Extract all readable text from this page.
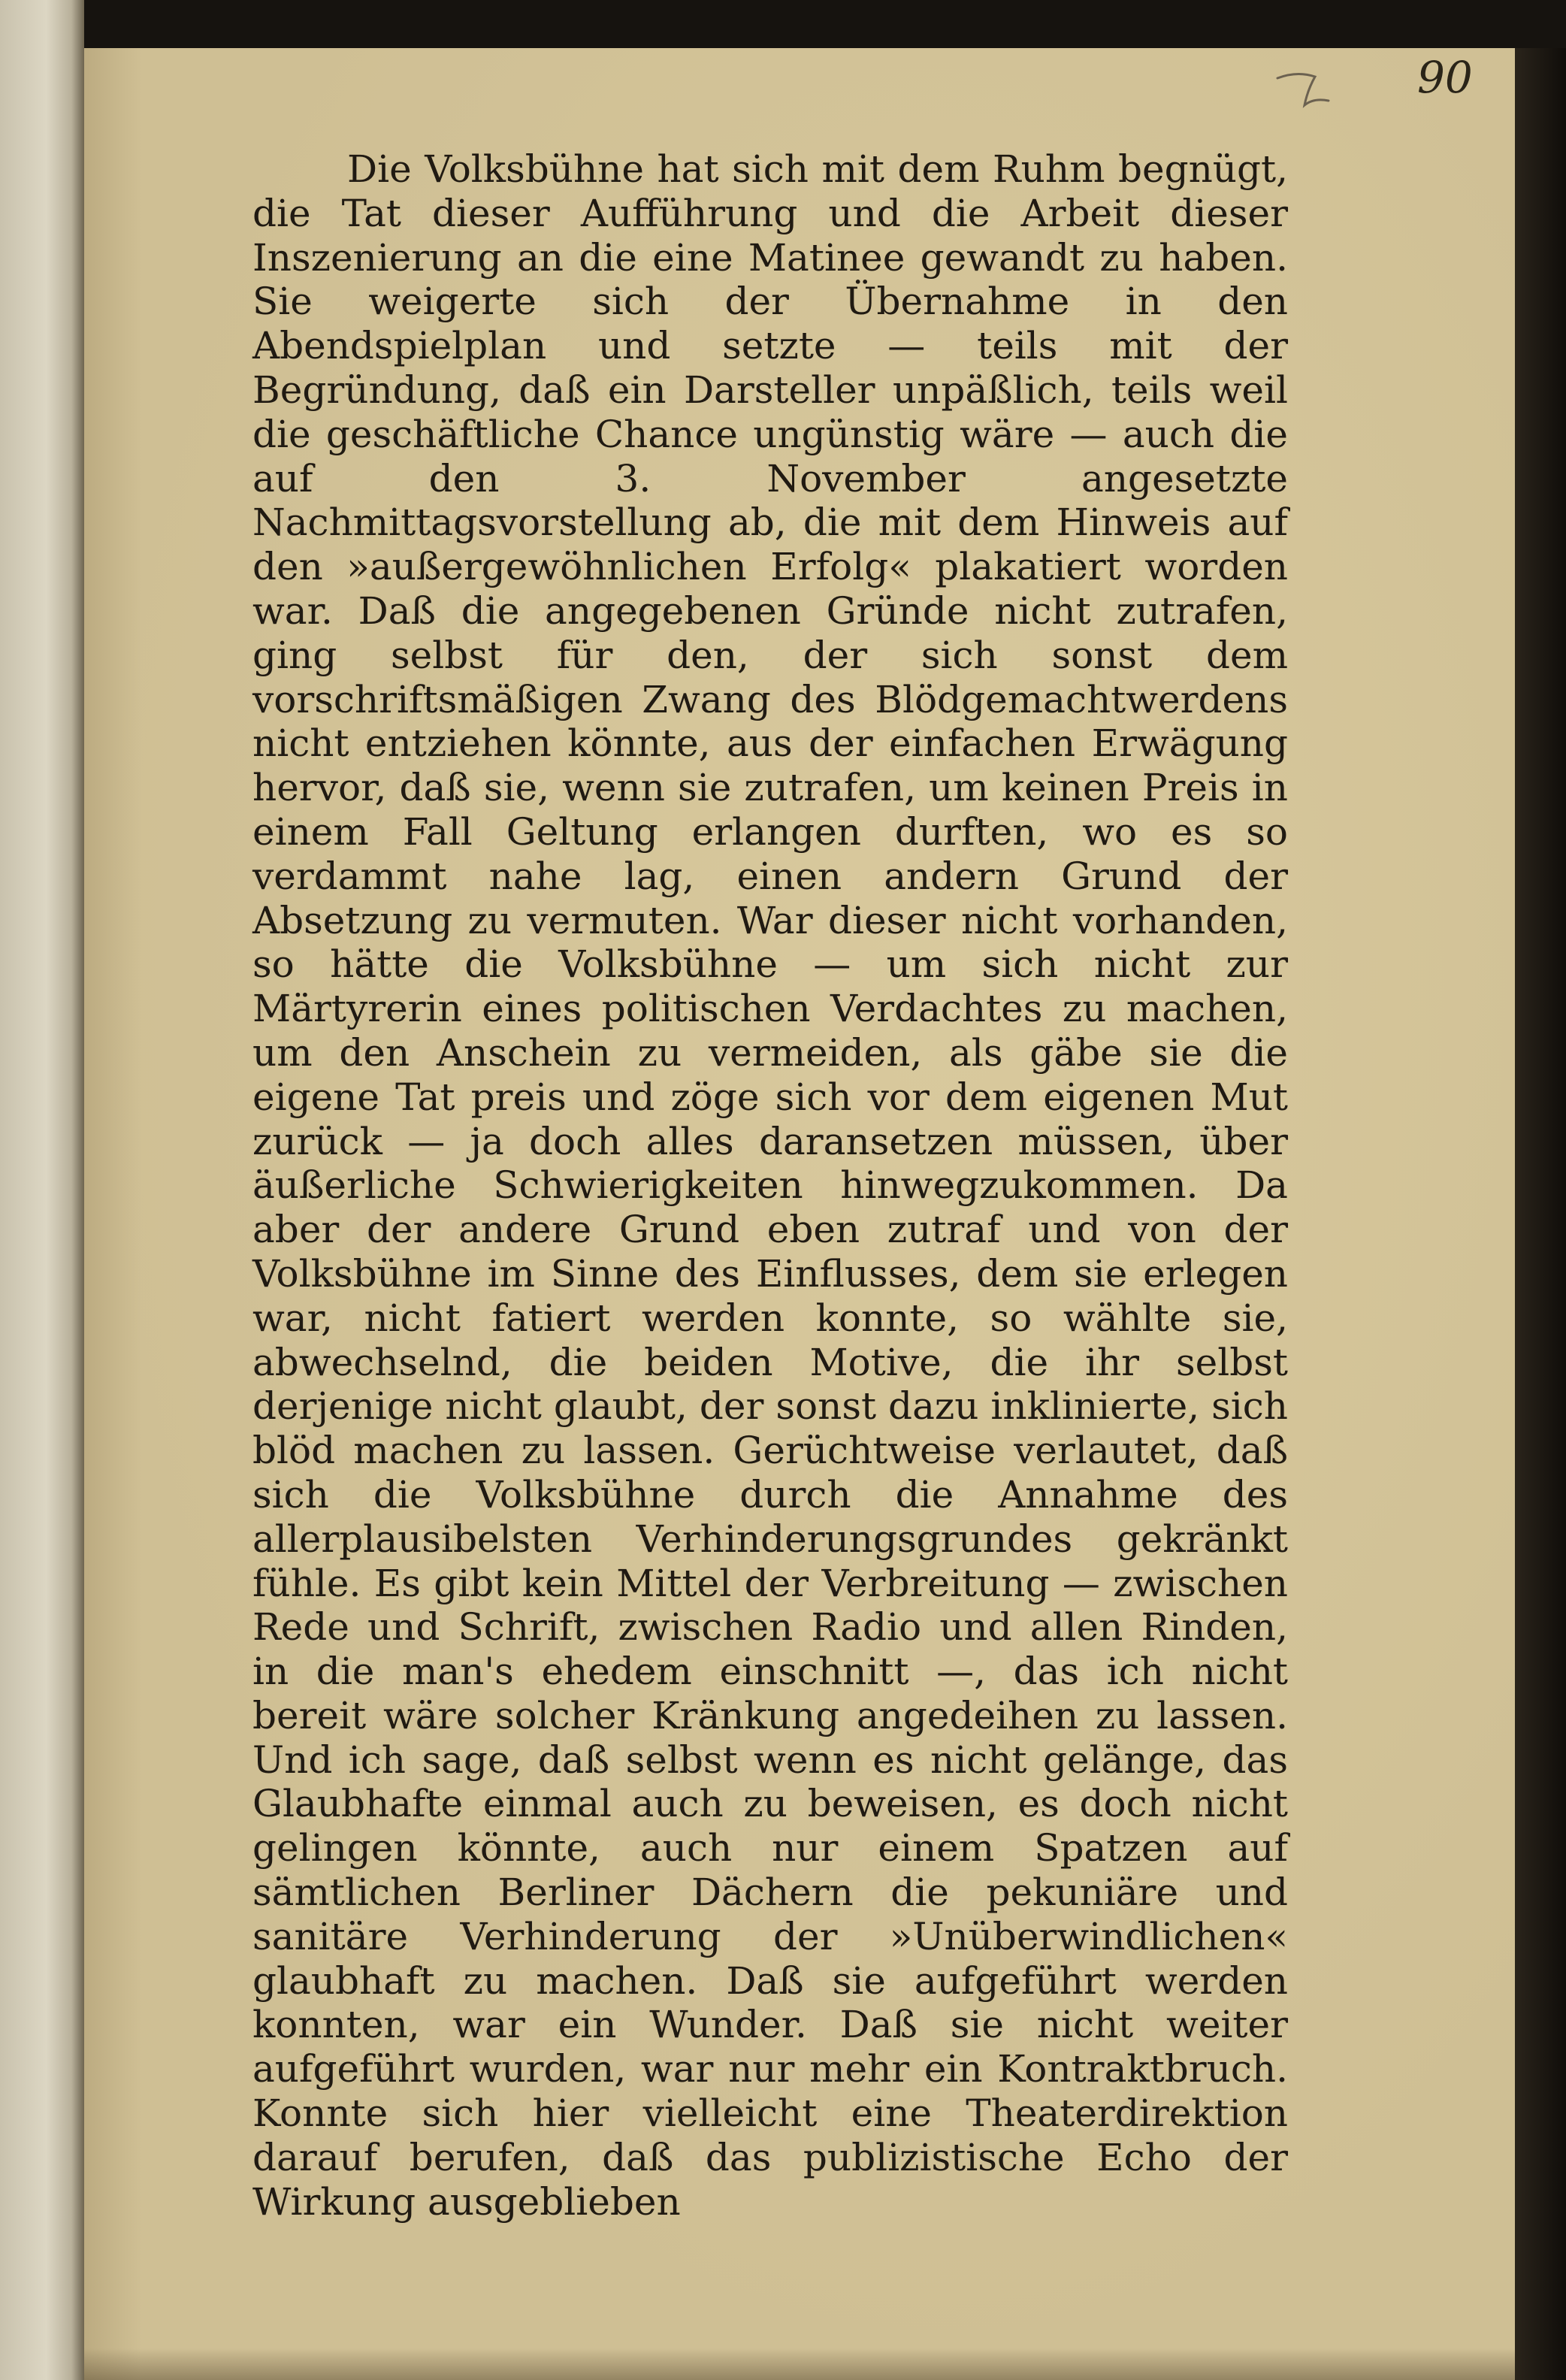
90

Die Volksbühne hat sich mit dem Ruhm begnügt, die Tat dieser Aufführung und die Arbeit dieser Inszenierung an die eine Matinee gewandt zu haben. Sie weigerte sich der Übernahme in den Abendspielplan und setzte — teils mit der Begründung, daß ein Darsteller unpäßlich, teils weil die geschäftliche Chance ungünstig wäre — auch die auf den 3. November angesetzte Nachmittagsvorstellung ab, die mit dem Hinweis auf den »außergewöhnlichen Erfolg« plakatiert worden war. Daß die angegebenen Gründe nicht zutrafen, ging selbst für den, der sich sonst dem vorschriftsmäßigen Zwang des Blödgemachtwerdens nicht entziehen könnte, aus der einfachen Erwägung hervor, daß sie, wenn sie zutrafen, um keinen Preis in einem Fall Geltung erlangen durften, wo es so verdammt nahe lag, einen andern Grund der Absetzung zu vermuten. War dieser nicht vorhanden, so hätte die Volksbühne — um sich nicht zur Märtyrerin eines politischen Verdachtes zu machen, um den Anschein zu vermeiden, als gäbe sie die eigene Tat preis und zöge sich vor dem eigenen Mut zurück — ja doch alles daransetzen müssen, über äußerliche Schwierigkeiten hinwegzukommen. Da aber der andere Grund eben zutraf und von der Volksbühne im Sinne des Einflusses, dem sie erlegen war, nicht fatiert werden konnte, so wählte sie, abwechselnd, die beiden Motive, die ihr selbst derjenige nicht glaubt, der sonst dazu inklinierte, sich blöd machen zu lassen. Gerüchtweise verlautet, daß sich die Volksbühne durch die Annahme des allerplausibelsten Verhinderungsgrundes gekränkt fühle. Es gibt kein Mittel der Verbreitung — zwischen Rede und Schrift, zwischen Radio und allen Rinden, in die man's ehedem einschnitt —, das ich nicht bereit wäre solcher Kränkung angedeihen zu lassen. Und ich sage, daß selbst wenn es nicht gelänge, das Glaubhafte einmal auch zu beweisen, es doch nicht gelingen könnte, auch nur einem Spatzen auf sämtlichen Berliner Dächern die pekuniäre und sanitäre Verhinderung der »Unüberwindlichen« glaubhaft zu machen. Daß sie aufgeführt werden konnten, war ein Wunder. Daß sie nicht weiter aufgeführt wurden, war nur mehr ein Kontraktbruch. Konnte sich hier vielleicht eine Theaterdirektion darauf berufen, daß das publizistische Echo der Wirkung ausgeblieben
